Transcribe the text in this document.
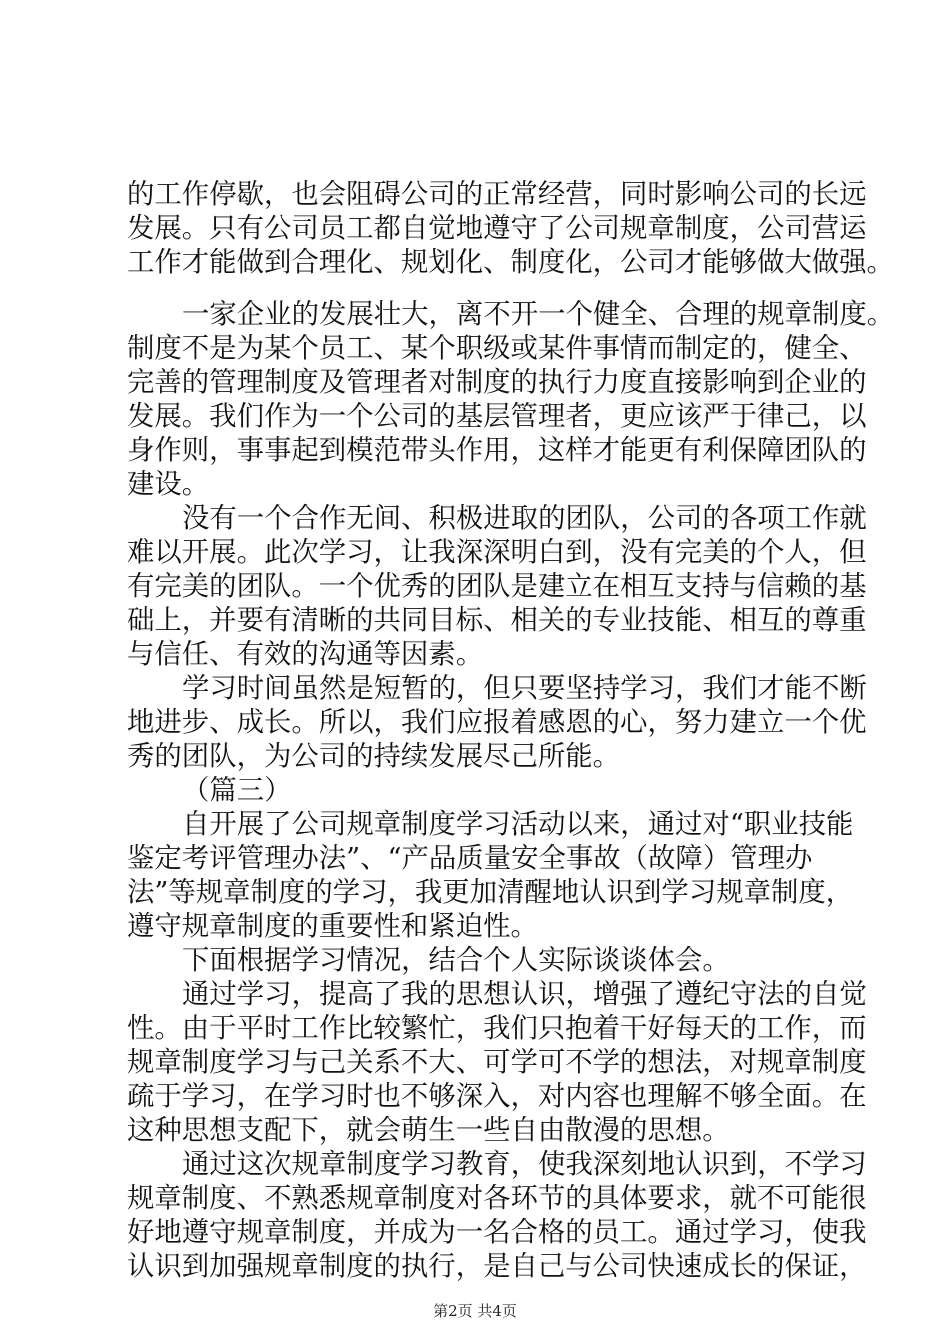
的工作停歇，也会阻碍公司的正常经营，同时影响公司的长远
发展。只有公司员工都自觉地遵守了公司规章制度，公司营运
工作才能做到合理化、规划化、制度化，公司才能够做大做强。
一家企业的发展壮大，离不开一个健全、合理的规章制度。
制度不是为某个员工、某个职级或某件事情而制定的，健全、
完善的管理制度及管理者对制度的执行力度直接影响到企业的
发展。我们作为一个公司的基层管理者，更应该严于律己，以
身作则，事事起到模范带头作用，这样才能更有利保障团队的
建设。
没有一个合作无间、积极进取的团队，公司的各项工作就
难以开展。此次学习，让我深深明白到，没有完美的个人，但
有完美的团队。一个优秀的团队是建立在相互支持与信赖的基
础上，并要有清晰的共同目标、相关的专业技能、相互的尊重
与信任、有效的沟通等因素。
学习时间虽然是短暂的，但只要坚持学习，我们才能不断
地进步、成长。所以，我们应报着感恩的心，努力建立一个优
秀的团队，为公司的持续发展尽己所能。
（篇三）
自开展了公司规章制度学习活动以来，通过对“职业技能
鉴定考评管理办法”、“产品质量安全事故（故障）管理办
法”等规章制度的学习，我更加清醒地认识到学习规章制度，
遵守规章制度的重要性和紧迫性。
下面根据学习情况，结合个人实际谈谈体会。
通过学习，提高了我的思想认识，增强了遵纪守法的自觉
性。由于平时工作比较繁忙，我们只抱着干好每天的工作，而
规章制度学习与己关系不大、可学可不学的想法，对规章制度
疏于学习，在学习时也不够深入，对内容也理解不够全面。在
这种思想支配下，就会萌生一些自由散漫的思想。
通过这次规章制度学习教育，使我深刻地认识到，不学习
规章制度、不熟悉规章制度对各环节的具体要求，就不可能很
好地遵守规章制度，并成为一名合格的员工。通过学习，使我
认识到加强规章制度的执行，是自己与公司快速成长的保证，
第2页 共4页
